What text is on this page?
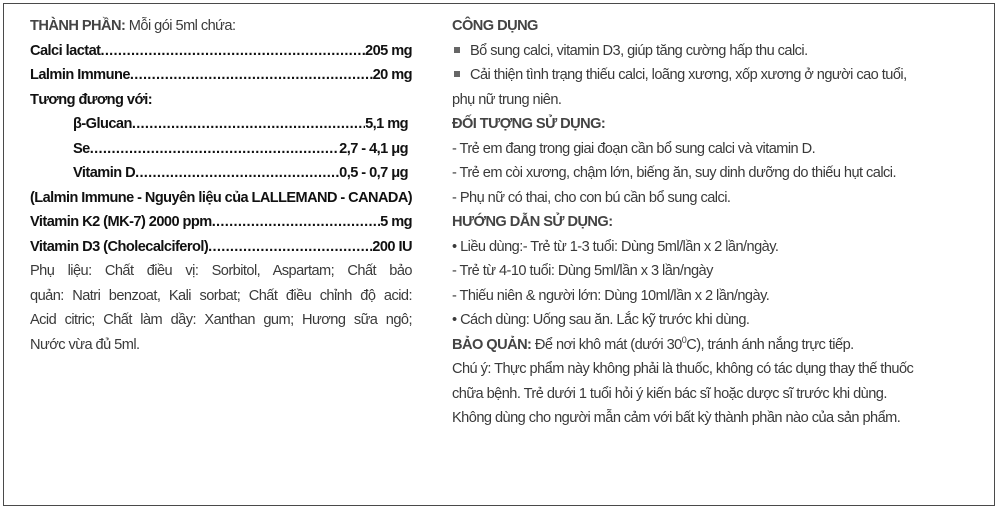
THÀNH PHẦN: Mỗi gói 5ml chứa:
Calci lactat .....	205 mg
Lalmin Immune .....	20 mg
Tương đương với:
β-Glucan .....	5,1 mg
Se .....	2,7 - 4,1 μg
Vitamin D .....	0,5 - 0,7 μg
(Lalmin Immune - Nguyên liệu của LALLEMAND - CANADA)
Vitamin K2 (MK-7) 2000 ppm .....	5 mg
Vitamin D3 (Cholecalciferol) .....	200 IU
Phụ liệu: Chất điều vị: Sorbitol, Aspartam; Chất bảo
quản: Natri benzoat, Kali sorbat; Chất điều chỉnh độ acid:
Acid citric; Chất làm dầy: Xanthan gum; Hương sữa ngô;
Nước vừa đủ 5ml.
CÔNG DỤNG
Bổ sung calci, vitamin D3, giúp tăng cường hấp thu calci.
Cải thiện tình trạng thiếu calci, loãng xương, xốp xương ở người cao tuổi,
phụ nữ trung niên.
ĐỐI TƯỢNG SỬ DỤNG:
- Trẻ em đang trong giai đoạn cần bổ sung calci và vitamin D.
- Trẻ em còi xương, chậm lớn, biếng ăn, suy dinh dưỡng do thiếu hụt calci.
- Phụ nữ có thai, cho con bú cần bổ sung calci.
HƯỚNG DẪN SỬ DỤNG:
• Liều dùng:- Trẻ từ 1-3 tuổi: Dùng 5ml/lần x 2 lần/ngày.
- Trẻ từ 4-10 tuổi: Dùng 5ml/lần x 3 lần/ngày
- Thiếu niên & người lớn: Dùng 10ml/lần x 2 lần/ngày.
• Cách dùng: Uống sau ăn. Lắc kỹ trước khi dùng.
BẢO QUẢN: Để nơi khô mát (dưới $30^0C$), tránh ánh nắng trực tiếp.
Chú ý: Thực phẩm này không phải là thuốc, không có tác dụng thay thế thuốc
chữa bệnh. Trẻ dưới 1 tuổi hỏi ý kiến bác sĩ hoặc dược sĩ trước khi dùng.
Không dùng cho người mẫn cảm với bất kỳ thành phần nào của sản phẩm.
